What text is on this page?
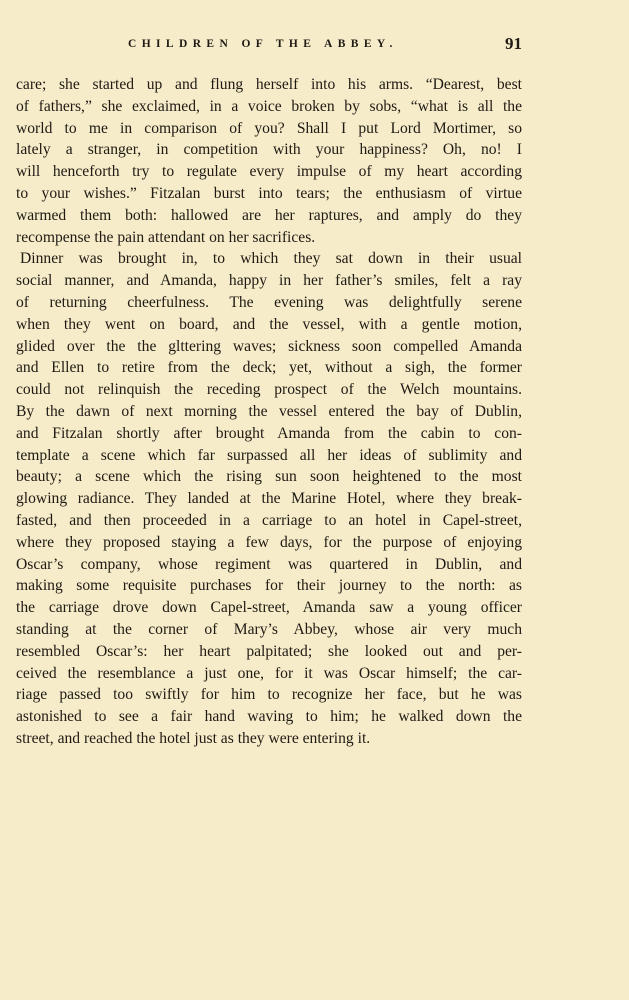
CHILDREN OF THE ABBEY.	91
care; she started up and flung herself into his arms. “Dearest, best
of fathers,” she exclaimed, in a voice broken by sobs, “what is all the
world to me in comparison of you? Shall I put Lord Mortimer, so
lately a stranger, in competition with your happiness? Oh, no! I
will henceforth try to regulate every impulse of my heart according
to your wishes.” Fitzalan burst into tears; the enthusiasm of virtue
warmed them both: hallowed are her raptures, and amply do they
recompense the pain attendant on her sacrifices.
Dinner was brought in, to which they sat down in their usual
social manner, and Amanda, happy in her father’s smiles, felt a ray
of returning cheerfulness. The evening was delightfully serene
when they went on board, and the vessel, with a gentle motion,
glided over the the glttering waves; sickness soon compelled Amanda
and Ellen to retire from the deck; yet, without a sigh, the former
could not relinquish the receding prospect of the Welch mountains.
By the dawn of next morning the vessel entered the bay of Dublin,
and Fitzalan shortly after brought Amanda from the cabin to con-
template a scene which far surpassed all her ideas of sublimity and
beauty; a scene which the rising sun soon heightened to the most
glowing radiance. They landed at the Marine Hotel, where they break-
fasted, and then proceeded in a carriage to an hotel in Capel-street,
where they proposed staying a few days, for the purpose of enjoying
Oscar’s company, whose regiment was quartered in Dublin, and
making some requisite purchases for their journey to the north: as
the carriage drove down Capel-street, Amanda saw a young officer
standing at the corner of Mary’s Abbey, whose air very much
resembled Oscar’s: her heart palpitated; she looked out and per-
ceived the resemblance a just one, for it was Oscar himself; the car-
riage passed too swiftly for him to recognize her face, but he was
astonished to see a fair hand waving to him; he walked down the
street, and reached the hotel just as they were entering it.
